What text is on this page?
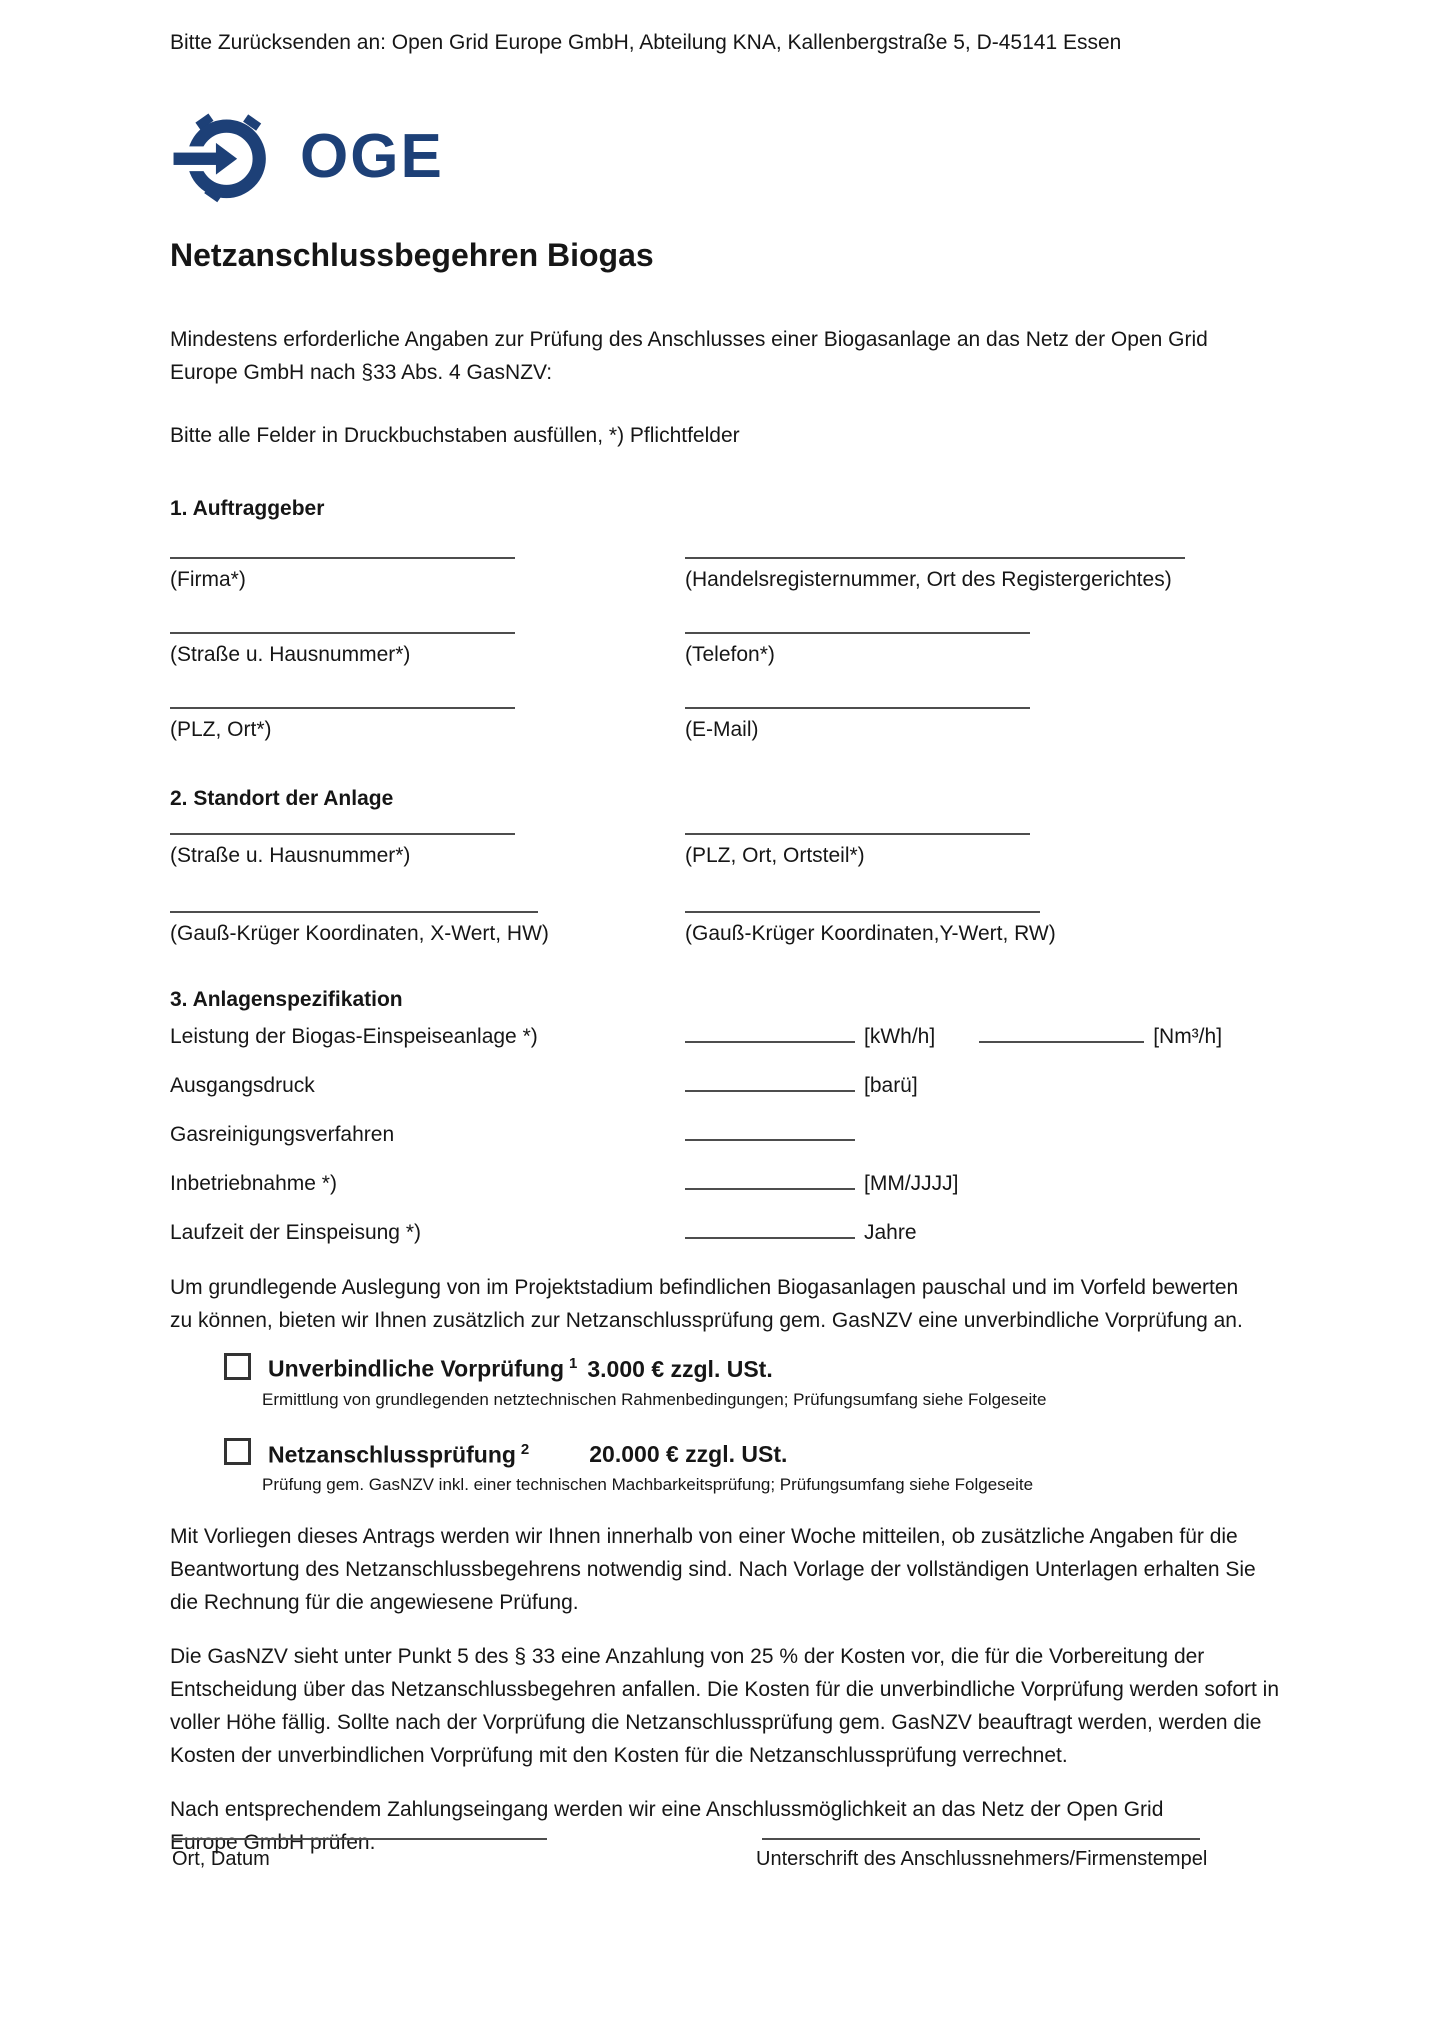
Bitte Zurücksenden an: Open Grid Europe GmbH, Abteilung KNA, Kallenbergstraße 5, D-45141 Essen
OGE
Netzanschlussbegehren Biogas

Mindestens erforderliche Angaben zur Prüfung des Anschlusses einer Biogasanlage an das Netz der Open Grid Europe GmbH nach §33 Abs. 4 GasNZV:

Bitte alle Felder in Druckbuchstaben ausfüllen, *) Pflichtfelder

1. Auftraggeber
(Firma*)	(Handelsregisternummer, Ort des Registergerichtes)
(Straße u. Hausnummer*)	(Telefon*)
(PLZ, Ort*)	(E-Mail)
2. Standort der Anlage
(Straße u. Hausnummer*)	(PLZ, Ort, Ortsteil*)
(Gauß-Krüger Koordinaten, X-Wert, HW)	(Gauß-Krüger Koordinaten,Y-Wert, RW)
3. Anlagenspezifikation
Leistung der Biogas-Einspeiseanlage *)	[kWh/h]	[Nm³/h]
Ausgangsdruck	[barü]
Gasreinigungsverfahren
Inbetriebnahme *)	[MM/JJJJ]
Laufzeit der Einspeisung *)	Jahre

Um grundlegende Auslegung von im Projektstadium befindlichen Biogasanlagen pauschal und im Vorfeld bewerten zu können, bieten wir Ihnen zusätzlich zur Netzanschlussprüfung gem. GasNZV eine unverbindliche Vorprüfung an.

Unverbindliche Vorprüfung $^1$ 3.000 € zzgl. USt.
Ermittlung von grundlegenden netztechnischen Rahmenbedingungen; Prüfungsumfang siehe Folgeseite
Netzanschlussprüfung $^2$	20.000 € zzgl. USt.
Prüfung gem. GasNZV inkl. einer technischen Machbarkeitsprüfung; Prüfungsumfang siehe Folgeseite

Mit Vorliegen dieses Antrags werden wir Ihnen innerhalb von einer Woche mitteilen, ob zusätzliche Angaben für die Beantwortung des Netzanschlussbegehrens notwendig sind. Nach Vorlage der vollständigen Unterlagen erhalten Sie die Rechnung für die angewiesene Prüfung.

Die GasNZV sieht unter Punkt 5 des § 33 eine Anzahlung von 25 % der Kosten vor, die für die Vorbereitung der Entscheidung über das Netzanschlussbegehren anfallen. Die Kosten für die unverbindliche Vorprüfung werden sofort in voller Höhe fällig. Sollte nach der Vorprüfung die Netzanschlussprüfung gem. GasNZV beauftragt werden, werden die Kosten der unverbindlichen Vorprüfung mit den Kosten für die Netzanschlussprüfung verrechnet.

Nach entsprechendem Zahlungseingang werden wir eine Anschlussmöglichkeit an das Netz der Open Grid Europe GmbH prüfen.

Ort, Datum	Unterschrift des Anschlussnehmers/Firmenstempel
